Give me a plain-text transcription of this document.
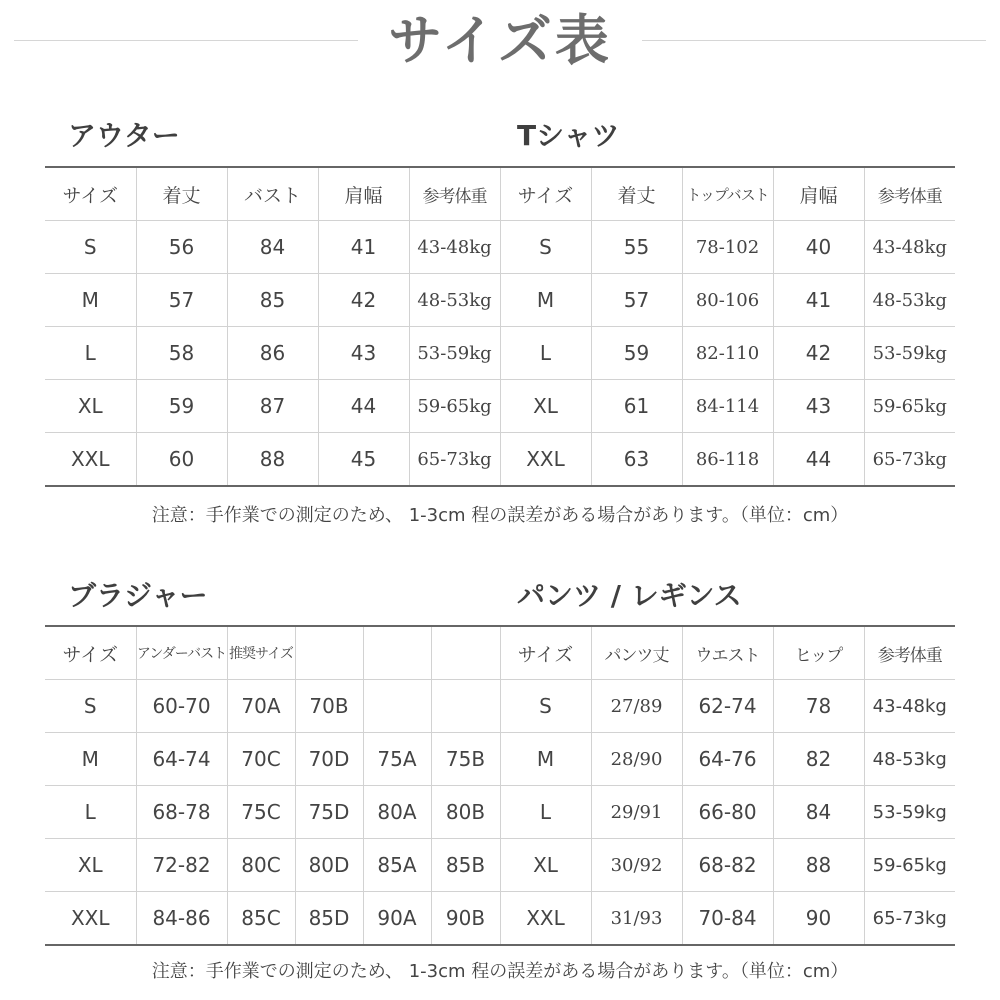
サイズ表
アウター	Tシャツ
ブラジャー	パンツ / レギンス
サイズ	着丈	バスト	肩幅	参考体重	サイズ	着丈	トップバスト	肩幅	参考体重
S	56	84	41	43-48kg	S	55	78-102	40	43-48kg
M	57	85	42	48-53kg	M	57	80-106	41	48-53kg
L	58	86	43	53-59kg	L	59	82-110	42	53-59kg
XL	59	87	44	59-65kg	XL	61	84-114	43	59-65kg
XXL	60	88	45	65-73kg	XXL	63	86-118	44	65-73kg
注意：手作業での測定のため、 1-3cm 程の誤差がある場合があります。（単位：cm）
サイズ	アンダーバスト	推奨サイズ				サイズ	パンツ丈	ウエスト	ヒップ	参考体重
S	60-70	70A	70B			S	27/89	62-74	78	43-48kg
M	64-74	70C	70D	75A	75B	M	28/90	64-76	82	48-53kg
L	68-78	75C	75D	80A	80B	L	29/91	66-80	84	53-59kg
XL	72-82	80C	80D	85A	85B	XL	30/92	68-82	88	59-65kg
XXL	84-86	85C	85D	90A	90B	XXL	31/93	70-84	90	65-73kg
注意：手作業での測定のため、 1-3cm 程の誤差がある場合があります。（単位：cm）
